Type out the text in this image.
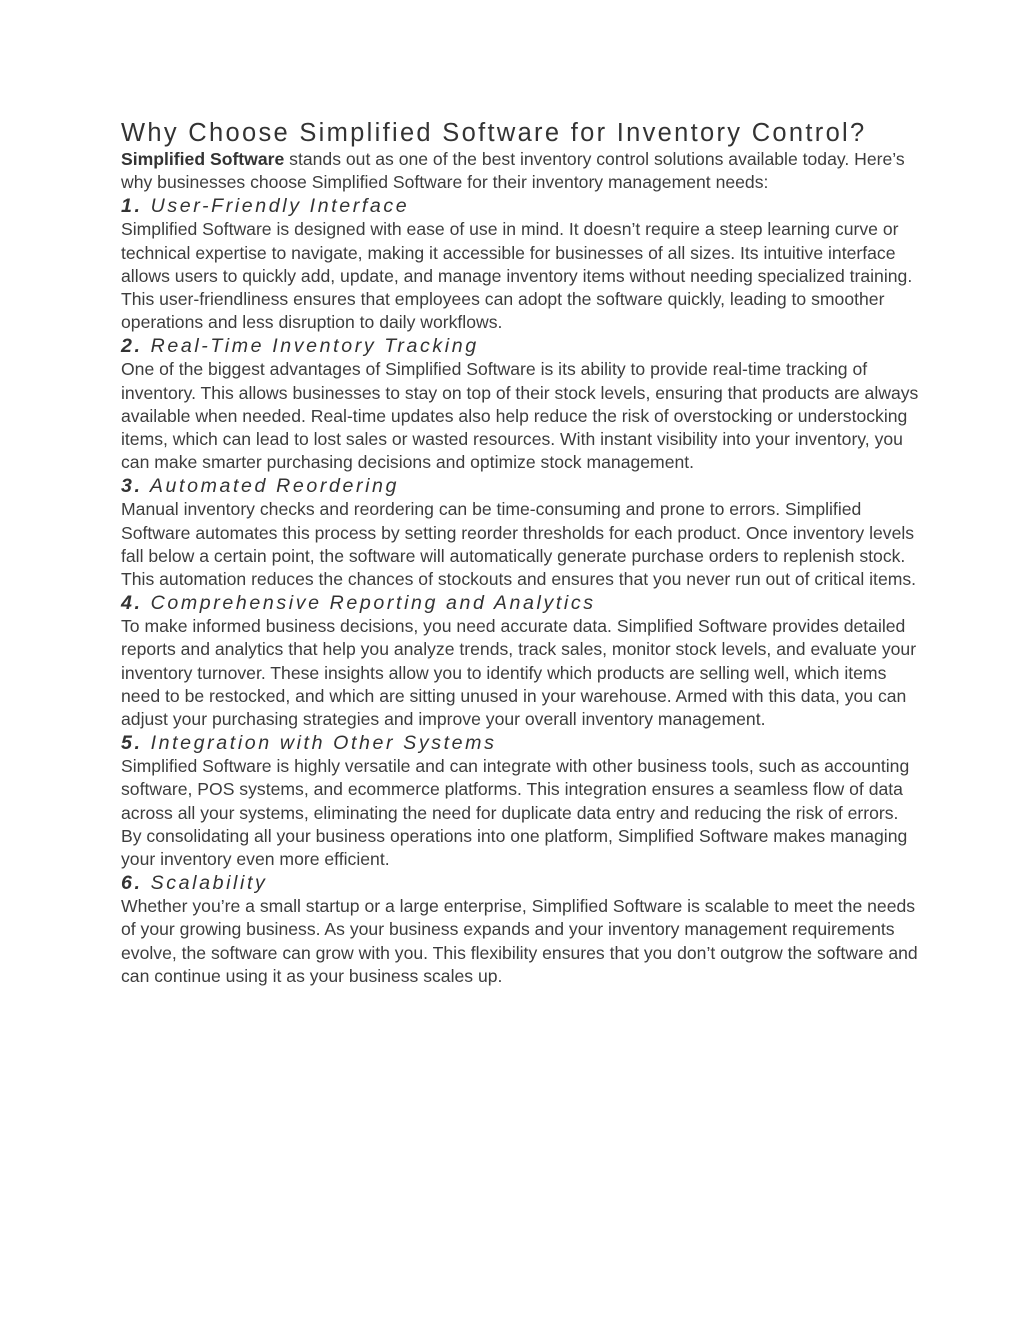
Why Choose Simplified Software for Inventory Control?

Simplified Software stands out as one of the best inventory control solutions available today. Here’s why businesses choose Simplified Software for their inventory management needs:

1. User-Friendly Interface

Simplified Software is designed with ease of use in mind. It doesn’t require a steep learning curve or technical expertise to navigate, making it accessible for businesses of all sizes. Its intuitive interface allows users to quickly add, update, and manage inventory items without needing specialized training. This user-friendliness ensures that employees can adopt the software quickly, leading to smoother operations and less disruption to daily workflows.

2. Real-Time Inventory Tracking

One of the biggest advantages of Simplified Software is its ability to provide real-time tracking of inventory. This allows businesses to stay on top of their stock levels, ensuring that products are always available when needed. Real-time updates also help reduce the risk of overstocking or understocking items, which can lead to lost sales or wasted resources. With instant visibility into your inventory, you can make smarter purchasing decisions and optimize stock management.

3. Automated Reordering

Manual inventory checks and reordering can be time-consuming and prone to errors. Simplified Software automates this process by setting reorder thresholds for each product. Once inventory levels fall below a certain point, the software will automatically generate purchase orders to replenish stock. This automation reduces the chances of stockouts and ensures that you never run out of critical items.

4. Comprehensive Reporting and Analytics

To make informed business decisions, you need accurate data. Simplified Software provides detailed reports and analytics that help you analyze trends, track sales, monitor stock levels, and evaluate your inventory turnover. These insights allow you to identify which products are selling well, which items need to be restocked, and which are sitting unused in your warehouse. Armed with this data, you can adjust your purchasing strategies and improve your overall inventory management.

5. Integration with Other Systems

Simplified Software is highly versatile and can integrate with other business tools, such as accounting software, POS systems, and ecommerce platforms. This integration ensures a seamless flow of data across all your systems, eliminating the need for duplicate data entry and reducing the risk of errors. By consolidating all your business operations into one platform, Simplified Software makes managing your inventory even more efficient.

6. Scalability

Whether you’re a small startup or a large enterprise, Simplified Software is scalable to meet the needs of your growing business. As your business expands and your inventory management requirements evolve, the software can grow with you. This flexibility ensures that you don’t outgrow the software and can continue using it as your business scales up.
